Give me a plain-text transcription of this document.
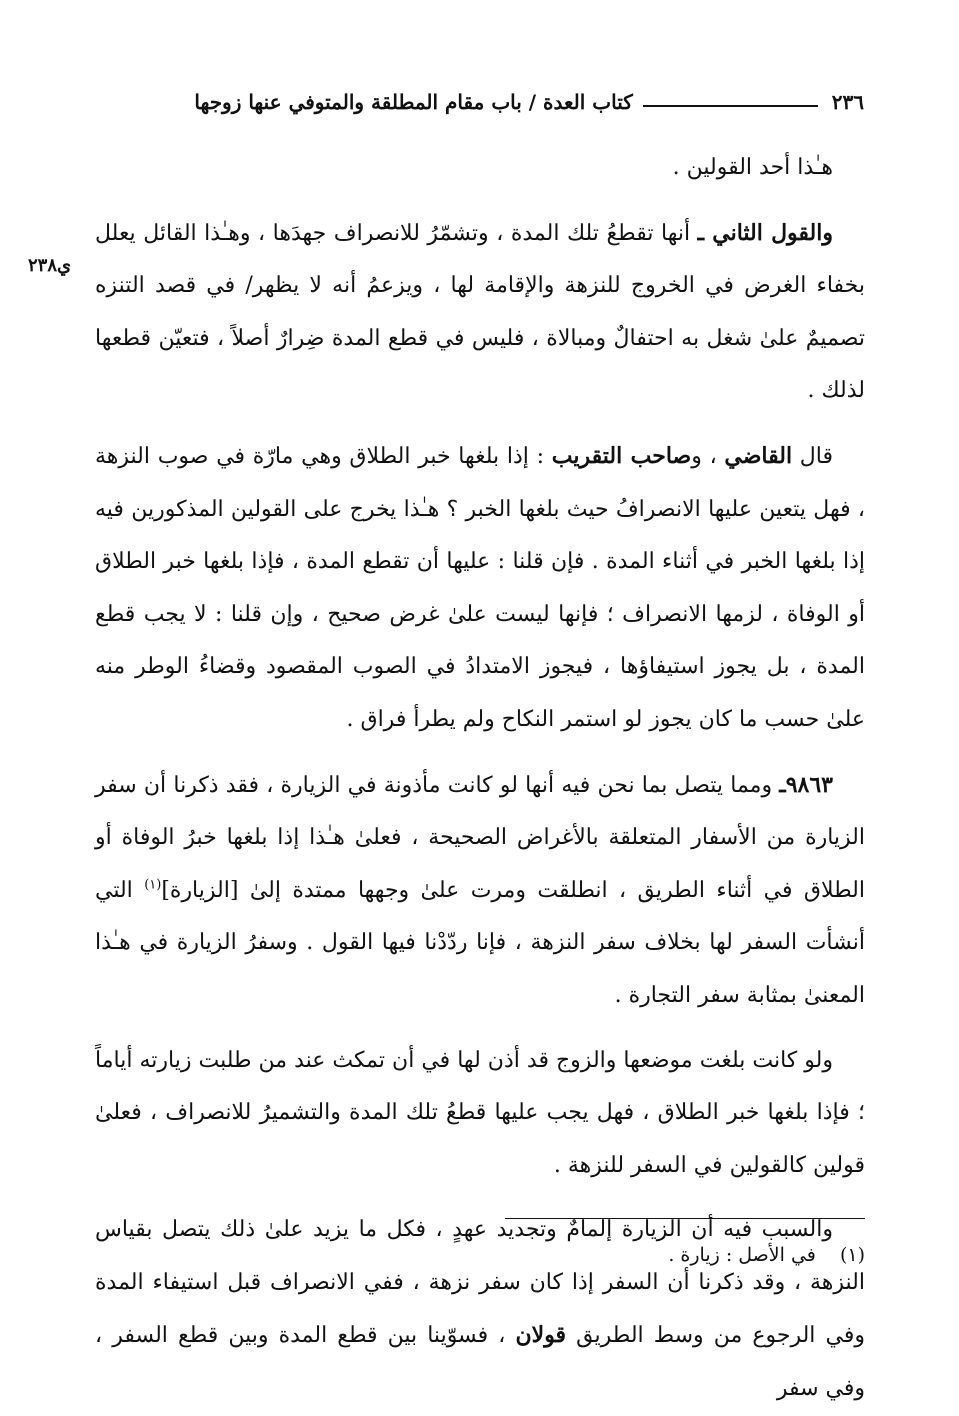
٢٣٦
كتاب العدة / باب مقام المطلقة والمتوفي عنها زوجها
ي٢٣٨

هـٰذا أحد القولين .

والقول الثاني ـ أنها تقطعُ تلك المدة ، وتشمّرُ للانصراف جهدَها ، وهـٰذا القائل يعلل بخفاء الغرض في الخروج للنزهة والإقامة لها ، ويزعمُ أنه لا يظهر/ في قصد التنزه تصميمٌ علىٰ شغل به احتفالٌ ومبالاة ، فليس في قطع المدة ضِرارٌ أصلاً ، فتعيّن قطعها لذلك .

قال القاضي ، وصاحب التقريب : إذا بلغها خبر الطلاق وهي مارّة في صوب النزهة ، فهل يتعين عليها الانصرافُ حيث بلغها الخبر ؟ هـٰذا يخرج على القولين المذكورين فيه إذا بلغها الخبر في أثناء المدة . فإن قلنا : عليها أن تقطع المدة ، فإذا بلغها خبر الطلاق أو الوفاة ، لزمها الانصراف ؛ فإنها ليست علىٰ غرض صحيح ، وإن قلنا : لا يجب قطع المدة ، بل يجوز استيفاؤها ، فيجوز الامتدادُ في الصوب المقصود وقضاءُ الوطر منه علىٰ حسب ما كان يجوز لو استمر النكاح ولم يطرأ فراق .

٩٨٦٣ـ ومما يتصل بما نحن فيه أنها لو كانت مأذونة في الزيارة ، فقد ذكرنا أن سفر الزيارة من الأسفار المتعلقة بالأغراض الصحيحة ، فعلىٰ هـٰذا إذا بلغها خبرُ الوفاة أو الطلاق في أثناء الطريق ، انطلقت ومرت علىٰ وجهها ممتدة إلىٰ [الزيارة]$^{(١)}$ التي أنشأت السفر لها بخلاف سفر النزهة ، فإنا ردّدْنا فيها القول . وسفرُ الزيارة في هـٰذا المعنىٰ بمثابة سفر التجارة .

ولو كانت بلغت موضعها والزوج قد أذن لها في أن تمكث عند من طلبت زيارته أياماً ؛ فإذا بلغها خبر الطلاق ، فهل يجب عليها قطعُ تلك المدة والتشميرُ للانصراف ، فعلىٰ قولين كالقولين في السفر للنزهة .

والسبب فيه أن الزيارة إلمامٌ وتجديد عهدٍ ، فكل ما يزيد علىٰ ذلك يتصل بقياس النزهة ، وقد ذكرنا أن السفر إذا كان سفر نزهة ، ففي الانصراف قبل استيفاء المدة وفي الرجوع من وسط الطريق قولان ، فسوّينا بين قطع المدة وبين قطع السفر ، وفي سفر

(١) في الأصل : زيارة .
